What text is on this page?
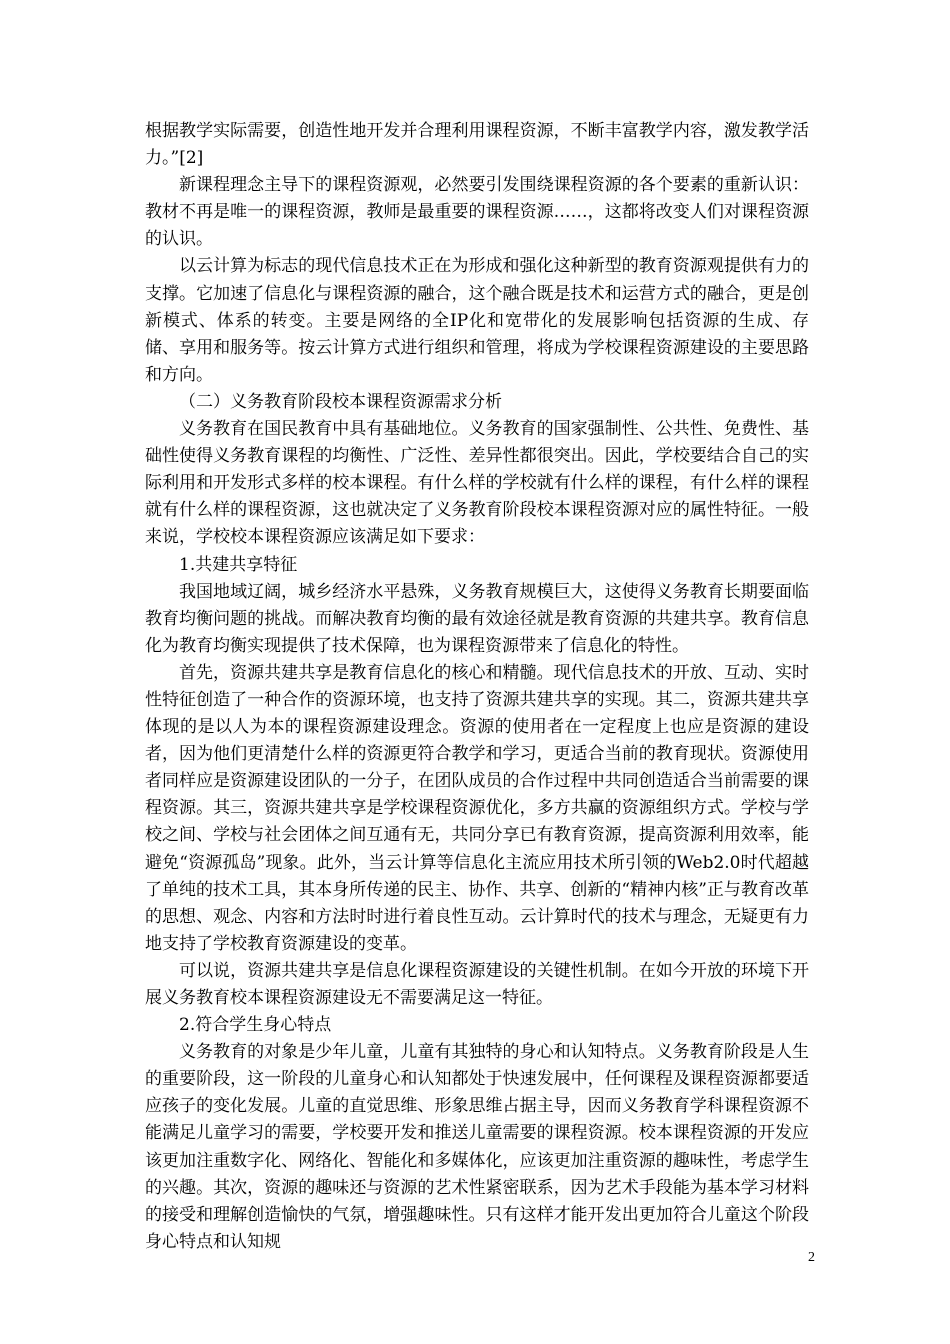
根据教学实际需要，创造性地开发并合理利用课程资源，不断丰富教学内容，激发教学活力。”[2]

新课程理念主导下的课程资源观，必然要引发围绕课程资源的各个要素的重新认识：教材不再是唯一的课程资源，教师是最重要的课程资源……，这都将改变人们对课程资源的认识。

以云计算为标志的现代信息技术正在为形成和强化这种新型的教育资源观提供有力的支撑。它加速了信息化与课程资源的融合，这个融合既是技术和运营方式的融合，更是创新模式、体系的转变。主要是网络的全IP化和宽带化的发展影响包括资源的生成、存储、享用和服务等。按云计算方式进行组织和管理，将成为学校课程资源建设的主要思路和方向。

（二）义务教育阶段校本课程资源需求分析

义务教育在国民教育中具有基础地位。义务教育的国家强制性、公共性、免费性、基础性使得义务教育课程的均衡性、广泛性、差异性都很突出。因此，学校要结合自己的实际利用和开发形式多样的校本课程。有什么样的学校就有什么样的课程，有什么样的课程就有什么样的课程资源，这也就决定了义务教育阶段校本课程资源对应的属性特征。一般来说，学校校本课程资源应该满足如下要求：

1.共建共享特征

我国地域辽阔，城乡经济水平悬殊，义务教育规模巨大，这使得义务教育长期要面临教育均衡问题的挑战。而解决教育均衡的最有效途径就是教育资源的共建共享。教育信息化为教育均衡实现提供了技术保障，也为课程资源带来了信息化的特性。

首先，资源共建共享是教育信息化的核心和精髓。现代信息技术的开放、互动、实时性特征创造了一种合作的资源环境，也支持了资源共建共享的实现。其二，资源共建共享体现的是以人为本的课程资源建设理念。资源的使用者在一定程度上也应是资源的建设者，因为他们更清楚什么样的资源更符合教学和学习，更适合当前的教育现状。资源使用者同样应是资源建设团队的一分子，在团队成员的合作过程中共同创造适合当前需要的课程资源。其三，资源共建共享是学校课程资源优化，多方共赢的资源组织方式。学校与学校之间、学校与社会团体之间互通有无，共同分享已有教育资源，提高资源利用效率，能避免“资源孤岛”现象。此外，当云计算等信息化主流应用技术所引领的Web2.0时代超越了单纯的技术工具，其本身所传递的民主、协作、共享、创新的“精神内核”正与教育改革的思想、观念、内容和方法时时进行着良性互动。云计算时代的技术与理念，无疑更有力地支持了学校教育资源建设的变革。

可以说，资源共建共享是信息化课程资源建设的关键性机制。在如今开放的环境下开展义务教育校本课程资源建设无不需要满足这一特征。

2.符合学生身心特点

义务教育的对象是少年儿童，儿童有其独特的身心和认知特点。义务教育阶段是人生的重要阶段，这一阶段的儿童身心和认知都处于快速发展中，任何课程及课程资源都要适应孩子的变化发展。儿童的直觉思维、形象思维占据主导，因而义务教育学科课程资源不能满足儿童学习的需要，学校要开发和推送儿童需要的课程资源。校本课程资源的开发应该更加注重数字化、网络化、智能化和多媒体化，应该更加注重资源的趣味性，考虑学生的兴趣。其次，资源的趣味还与资源的艺术性紧密联系，因为艺术手段能为基本学习材料的接受和理解创造愉快的气氛，增强趣味性。只有这样才能开发出更加符合儿童这个阶段身心特点和认知规

2
